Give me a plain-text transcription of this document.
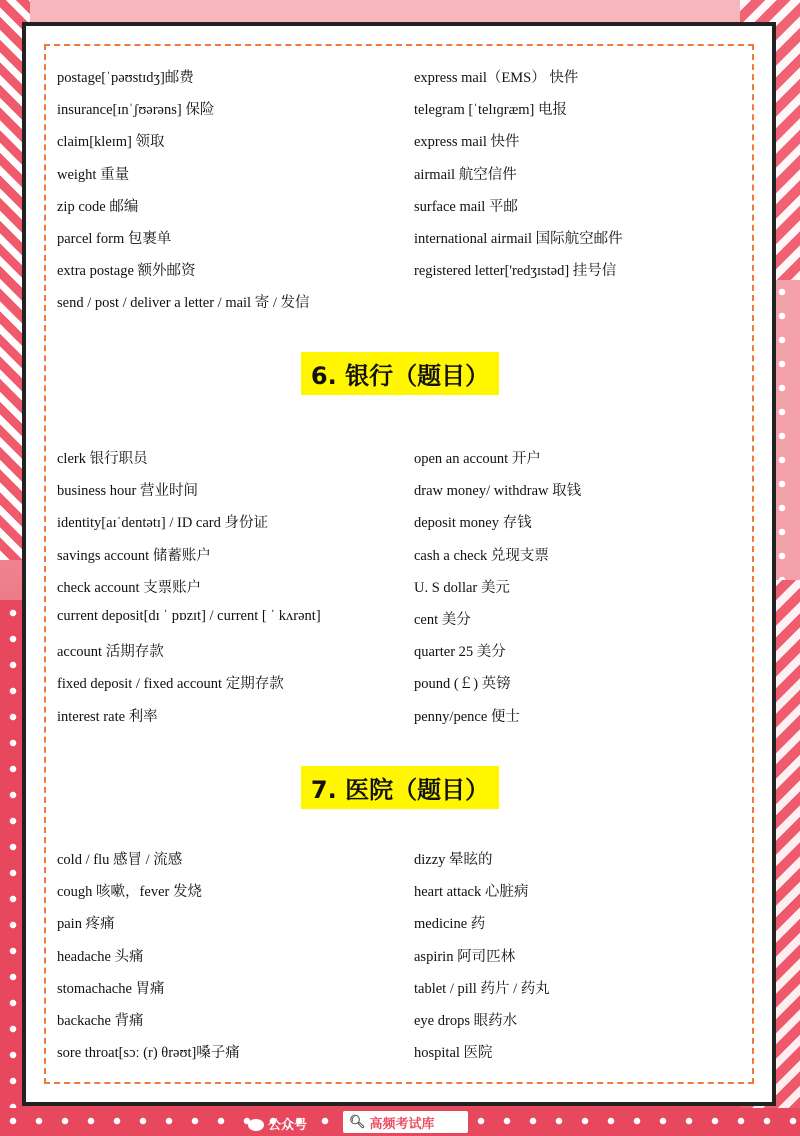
6. 银行（题目）
7. 医院（题目）
postage[ˈpəʊstɪdʒ]邮费	express mail（EMS） 快件
insurance[ɪnˈʃʊərəns] 保险	telegram [ˈtelɪɡræm] 电报
claim[kleɪm] 领取	express mail 快件
weight 重量	airmail 航空信件
zip code 邮编	surface mail 平邮
parcel form 包裹单	international airmail 国际航空邮件
extra postage 额外邮资	registered letter['redʒɪstəd] 挂号信
send / post / deliver a letter / mail 寄 / 发信
clerk 银行职员	open an account 开户
business hour 营业时间	draw money/ withdraw 取钱
identity[aɪˈdentətɪ] / ID card 身份证	deposit money 存钱
savings account 储蓄账户	cash a check 兑现支票
check account 支票账户	U. S dollar 美元
current deposit[dɪ ˈ pɒzɪt] / current [ ˈ kʌrənt]	cent 美分
account 活期存款	quarter 25 美分
fixed deposit / fixed account 定期存款	pound (￡) 英镑
interest rate 利率	penny/pence 便士
cold / flu 感冒 / 流感	dizzy 晕眩的
cough 咳嗽，fever 发烧	heart attack 心脏病
pain 疼痛	medicine 药
headache 头痛	aspirin 阿司匹林
stomachache 胃痛	tablet / pill 药片 / 药丸
backache 背痛	eye drops 眼药水
sore throat[sɔː (r) θrəʊt]嗓子痛	hospital 医院
公众号	🔍︎ 高频考试库
